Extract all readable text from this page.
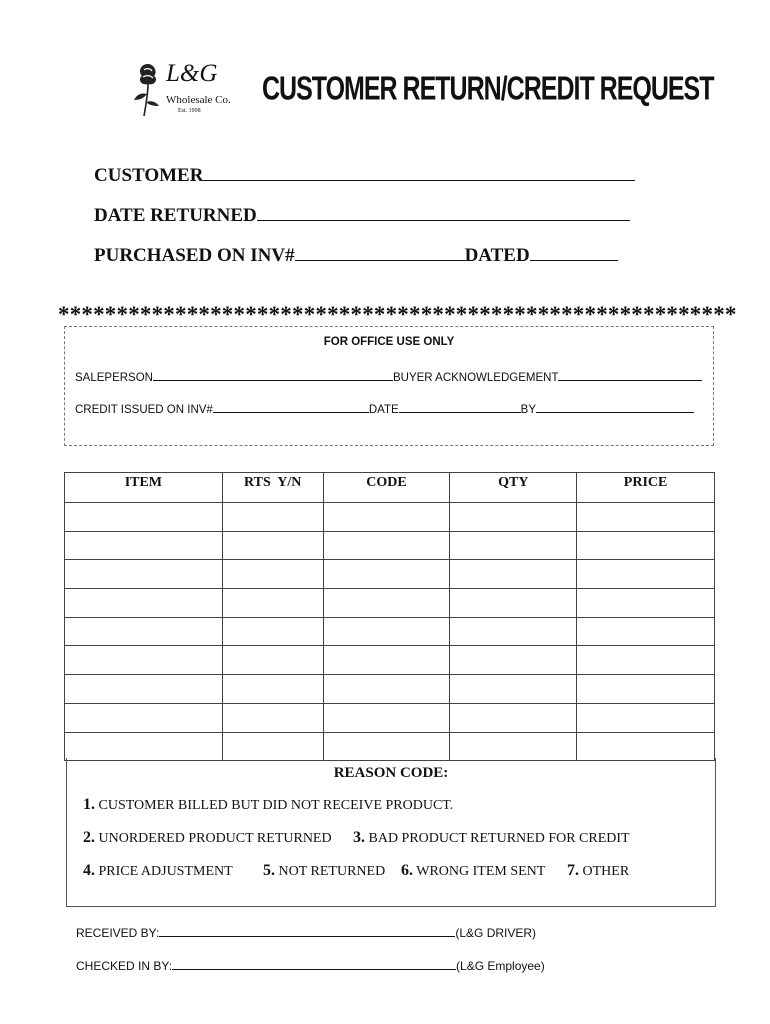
L&G
Wholesale Co.
Est. 1998
CUSTOMER RETURN/CREDIT REQUEST
CUSTOMER
DATE RETURNED
PURCHASED ON INV#	DATED
**********************************************************
FOR OFFICE USE ONLY
SALEPERSON	BUYER ACKNOWLEDGEMENT
CREDIT ISSUED ON INV#	DATE	BY
ITEM	RTS  Y/N	CODE	QTY	PRICE

REASON CODE:
1. CUSTOMER BILLED BUT DID NOT RECEIVE PRODUCT.
2. UNORDERED PRODUCT RETURNED 3. BAD PRODUCT RETURNED FOR CREDIT
4. PRICE ADJUSTMENT 5. NOT RETURNED 6. WRONG ITEM SENT 7. OTHER
RECEIVED BY:	(L&G DRIVER)
CHECKED IN BY:	(L&G Employee)
